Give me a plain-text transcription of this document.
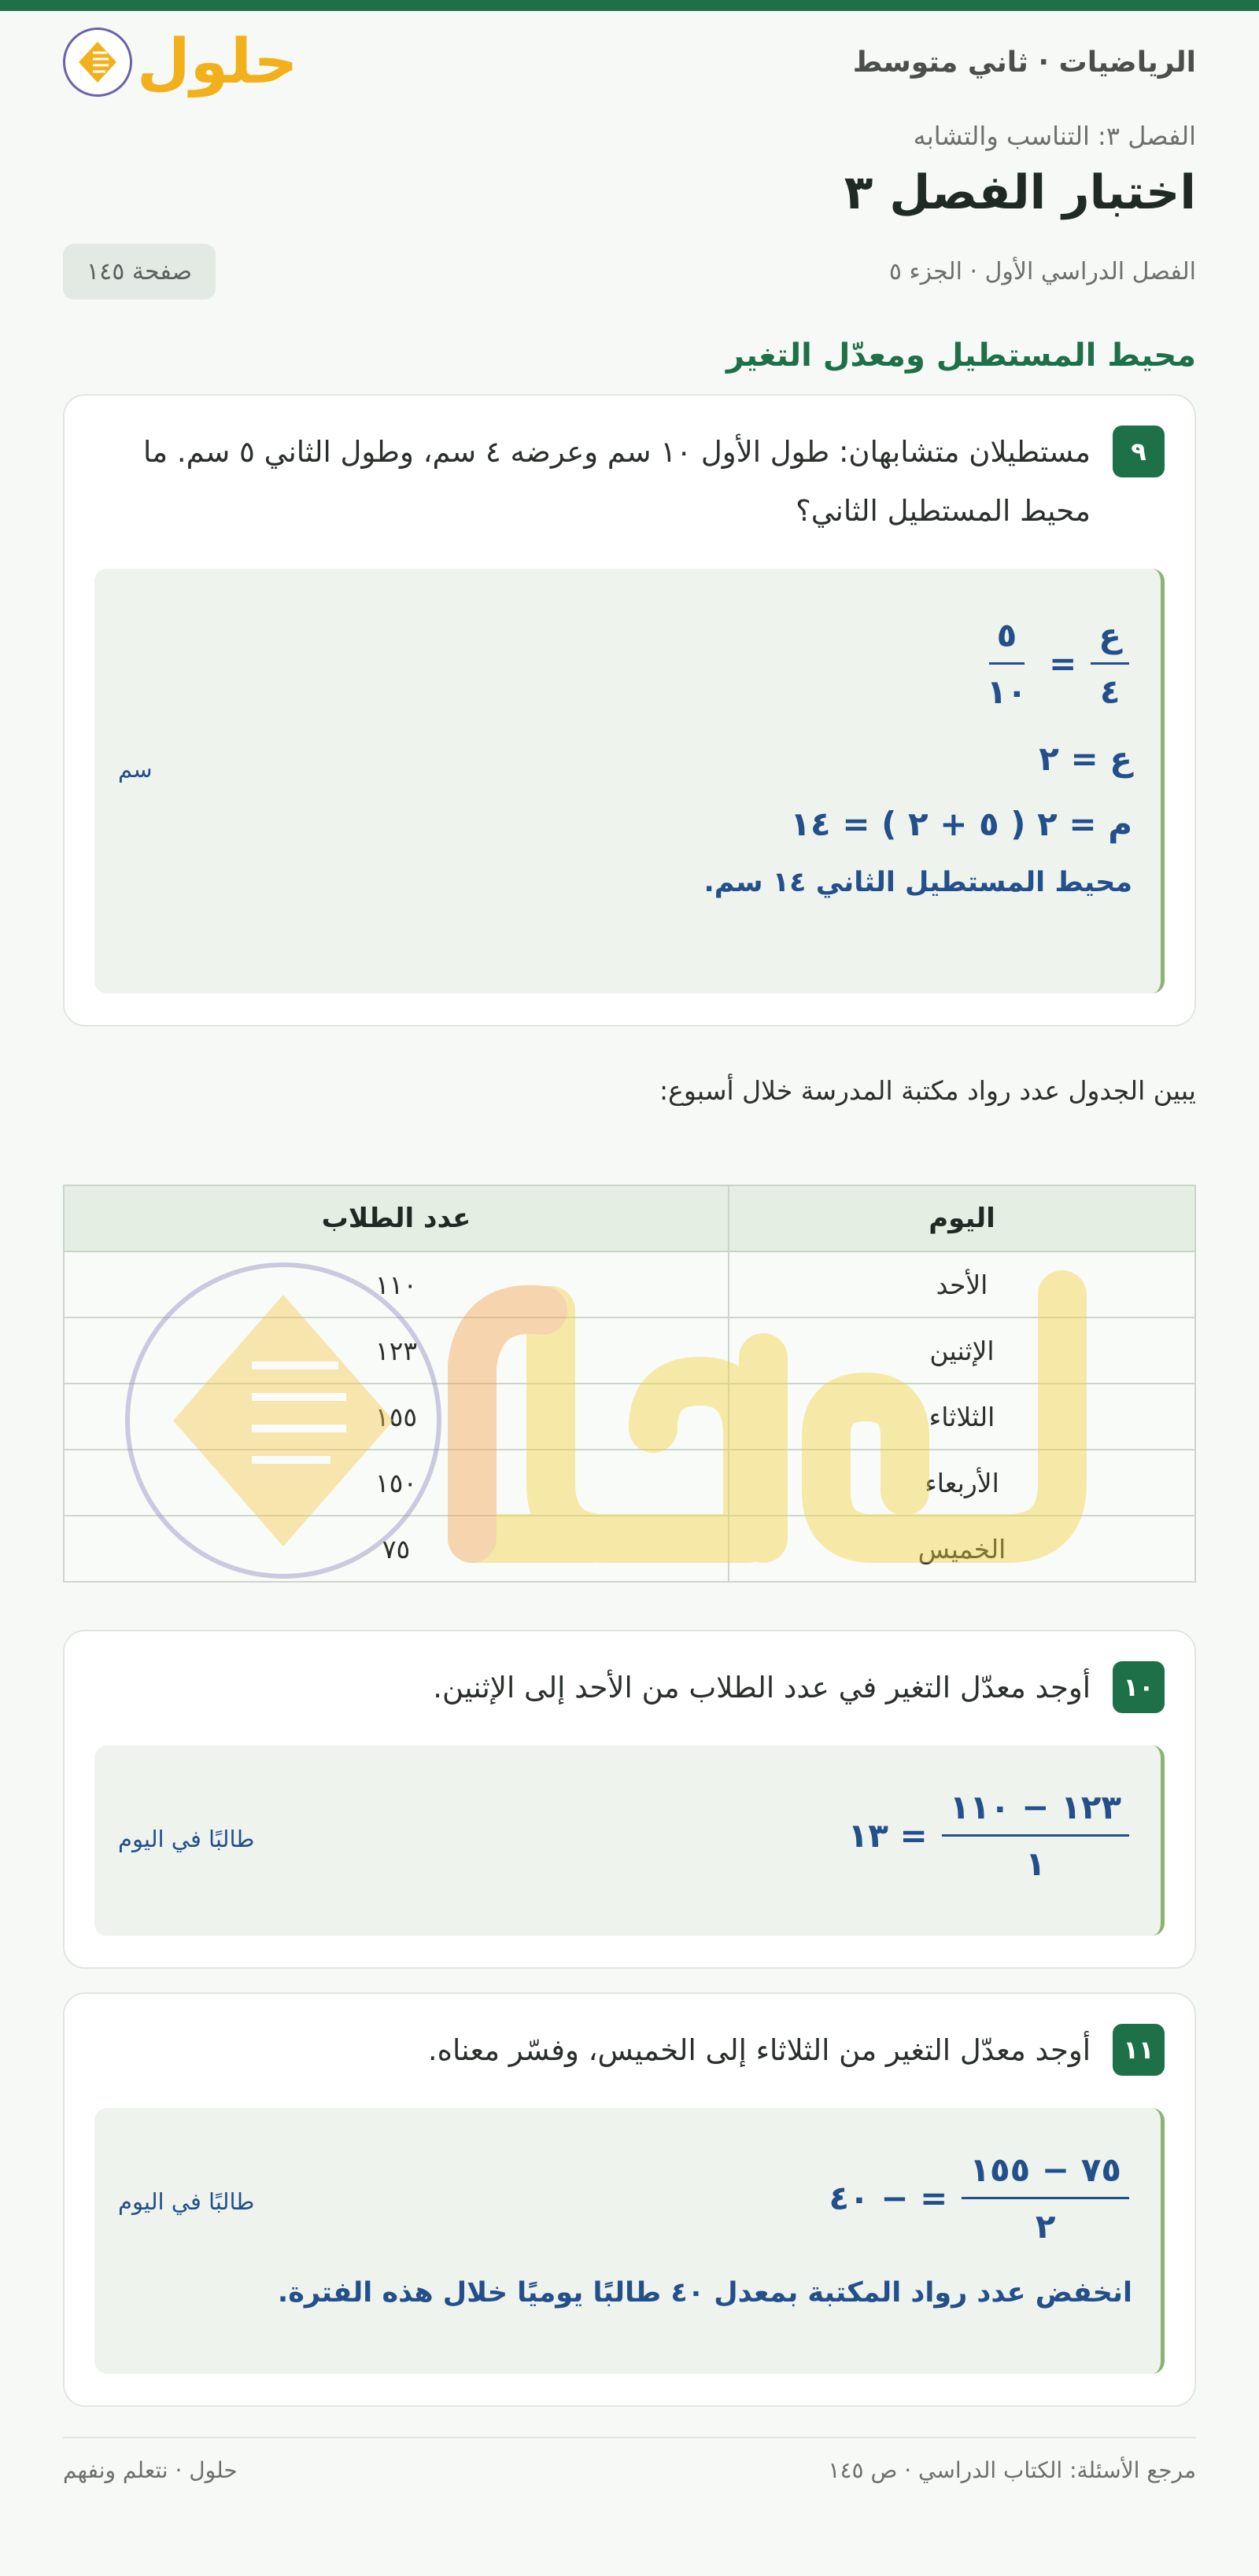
الرياضيات · ثاني متوسط
حلول
الفصل ٣: التناسب والتشابه
اختبار الفصل ٣
الفصل الدراسي الأول · الجزء ٥
صفحة ١٤٥
محيط المستطيل ومعدّل التغير
٩
مستطيلان متشابهان: طول الأول ١٠ سم وعرضه ٤ سم، وطول الثاني ٥ سم. ما محيط المستطيل الثاني؟
$\frac{\text{ع}}{٤}$
=
$\frac{٥}{١٠}$
ع = ٢
سم
م = ٢ ( ٥ + ٢ ) = ١٤
محيط المستطيل الثاني ١٤ سم.

يبين الجدول عدد رواد مكتبة المدرسة خلال أسبوع:

اليوم	عدد الطلاب
الأحد	١١٠
الإثنين	١٢٣
الثلاثاء	١٥٥
الأربعاء	١٥٠
الخميس	٧٥
١٠
أوجد معدّل التغير في عدد الطلاب من الأحد إلى الإثنين.
$\frac{١٢٣ - ١١٠}{١}$
= ١٣
طالبًا في اليوم
١١
أوجد معدّل التغير من الثلاثاء إلى الخميس، وفسّر معناه.
$\frac{٧٥ - ١٥٥}{٢}$
= − ٤٠
طالبًا في اليوم
انخفض عدد رواد المكتبة بمعدل ٤٠ طالبًا يوميًا خلال هذه الفترة.
مرجع الأسئلة: الكتاب الدراسي · ص ١٤٥
حلول · نتعلم ونفهم
